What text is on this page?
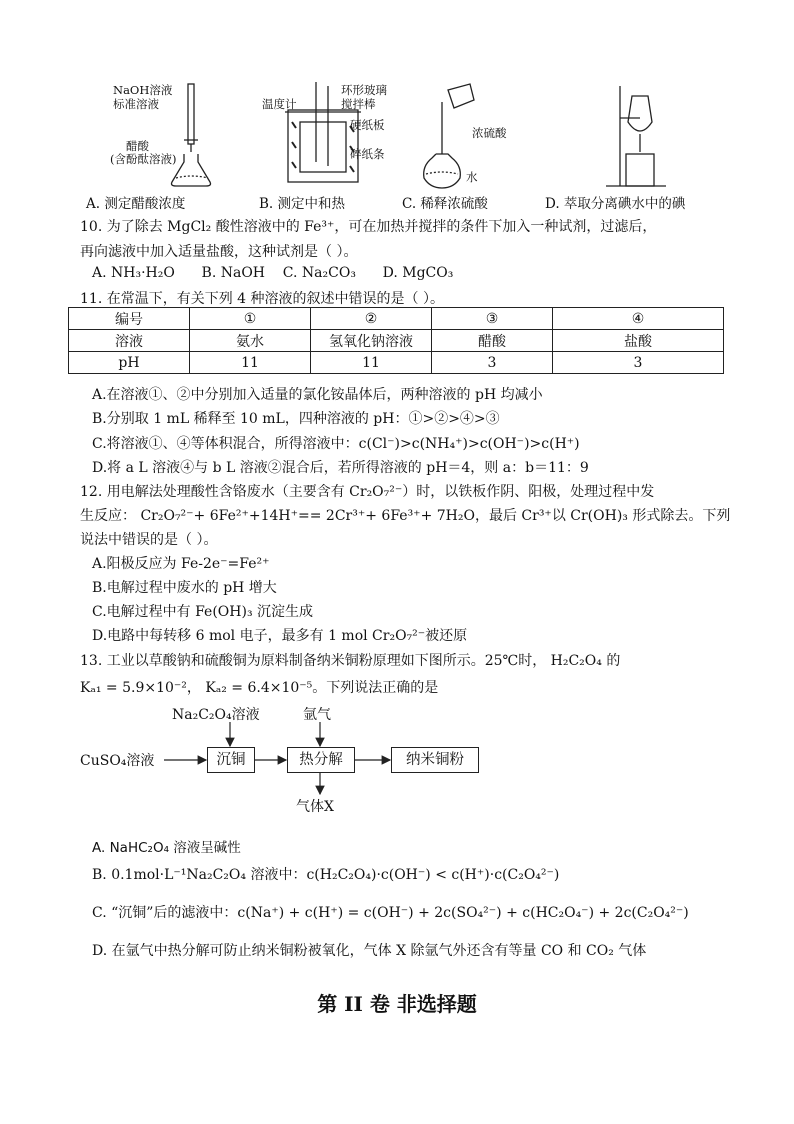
NaOH溶液
标准溶液
醋酸
(含酚酞溶液)
环形玻璃
搅拌棒
温度计
硬纸板
碎纸条
浓硫酸
水
A. 测定醋酸浓度	B. 测定中和热	C. 稀释浓硫酸	D. 萃取分离碘水中的碘
10. 为了除去 MgCl₂ 酸性溶液中的 Fe³⁺，可在加热并搅拌的条件下加入一种试剂，过滤后，
再向滤液中加入适量盐酸，这种试剂是（ ）。
A. NH₃·H₂O      B. NaOH    C. Na₂CO₃      D. MgCO₃
11. 在常温下，有关下列 4 种溶液的叙述中错误的是（ ）。
编号	①	②	③	④
溶液	氨水	氢氧化钠溶液	醋酸	盐酸
pH	11	11	3	3
A.在溶液①、②中分别加入适量的氯化铵晶体后，两种溶液的 pH 均减小
B.分别取 1 mL 稀释至 10 mL，四种溶液的 pH：①>②>④>③
C.将溶液①、④等体积混合，所得溶液中：c(Cl⁻)>c(NH₄⁺)>c(OH⁻)>c(H⁺)
D.将 a L 溶液④与 b L 溶液②混合后，若所得溶液的 pH＝4，则 a：b＝11：9
12. 用电解法处理酸性含铬废水（主要含有 Cr₂O₇²⁻）时，以铁板作阴、阳极，处理过程中发
生反应： Cr₂O₇²⁻+ 6Fe²⁺+14H⁺== 2Cr³⁺+ 6Fe³⁺+ 7H₂O，最后 Cr³⁺以 Cr(OH)₃ 形式除去。下列
说法中错误的是（ ）。
A.阳极反应为 Fe-2e⁻=Fe²⁺
B.电解过程中废水的 pH 增大
C.电解过程中有 Fe(OH)₃ 沉淀生成
D.电路中每转移 6 mol 电子，最多有 1 mol Cr₂O₇²⁻被还原
13. 工业以草酸钠和硫酸铜为原料制备纳米铜粉原理如下图所示。25℃时， H₂C₂O₄ 的
Kₐ₁ = 5.9×10⁻²， Kₐ₂ = 6.4×10⁻⁵。下列说法正确的是
Na₂C₂O₄溶液	氩气
CuSO₄溶液	沉铜	热分解	纳米铜粉
气体X
A. NaHC₂O₄ 溶液呈碱性
B. 0.1mol·L⁻¹Na₂C₂O₄ 溶液中：c(H₂C₂O₄)·c(OH⁻) < c(H⁺)·c(C₂O₄²⁻)
C. “沉铜”后的滤液中：c(Na⁺) + c(H⁺) = c(OH⁻) + 2c(SO₄²⁻) + c(HC₂O₄⁻) + 2c(C₂O₄²⁻)
D. 在氩气中热分解可防止纳米铜粉被氧化，气体 X 除氩气外还含有等量 CO 和 CO₂ 气体
第 II 卷 非选择题
